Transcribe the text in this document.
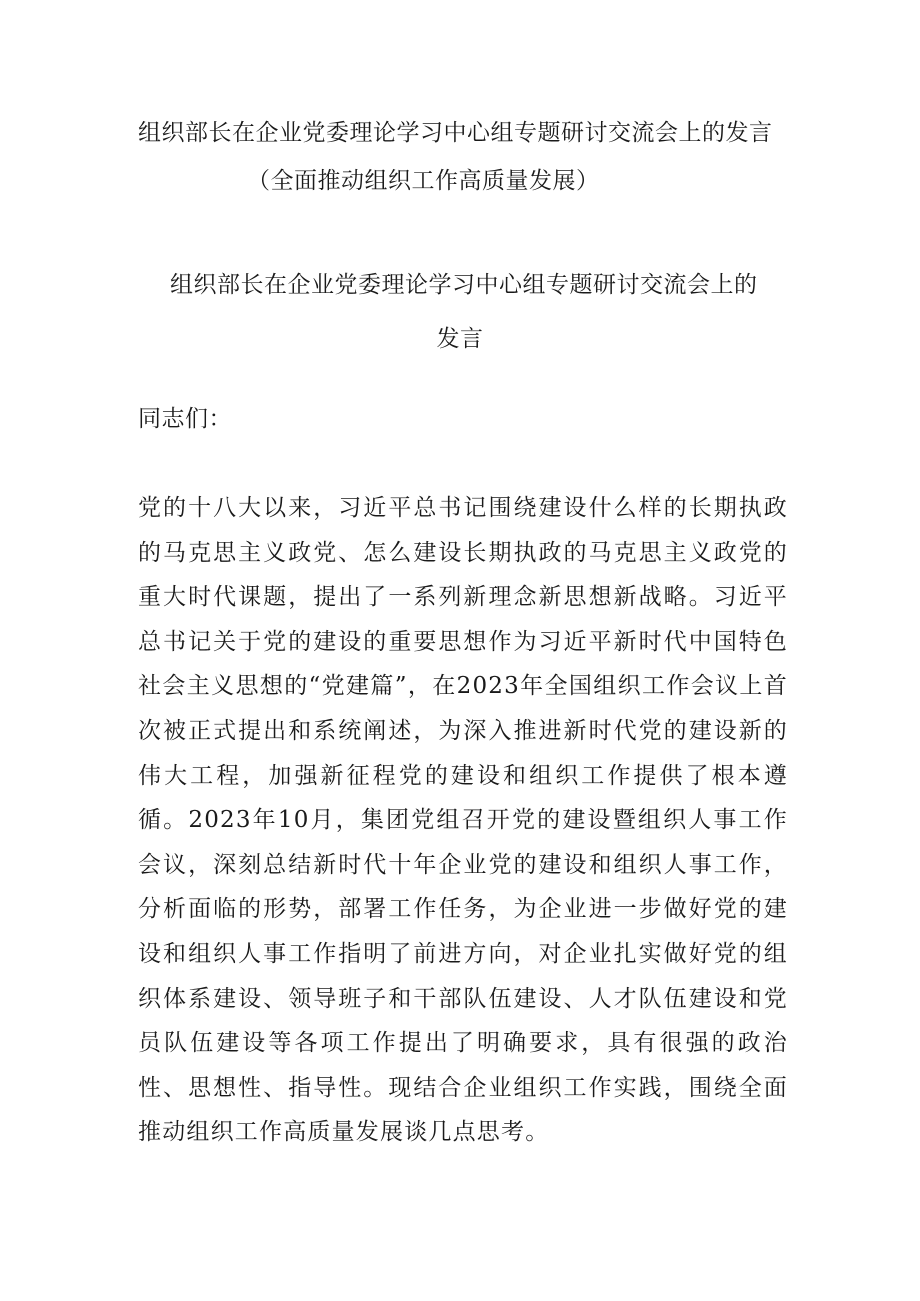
组织部长在企业党委理论学习中心组专题研讨交流会上的发言
（全面推动组织工作高质量发展）
组织部长在企业党委理论学习中心组专题研讨交流会上的
发言
同志们：
党的十八大以来，习近平总书记围绕建设什么样的长期执政的马克思主义政党、怎么建设长期执政的马克思主义政党的重大时代课题，提出了一系列新理念新思想新战略。习近平总书记关于党的建设的重要思想作为习近平新时代中国特色社会主义思想的“党建篇”，在2023年全国组织工作会议上首次被正式提出和系统阐述，为深入推进新时代党的建设新的伟大工程，加强新征程党的建设和组织工作提供了根本遵循。2023年10月，集团党组召开党的建设暨组织人事工作会议，深刻总结新时代十年企业党的建设和组织人事工作，分析面临的形势，部署工作任务，为企业进一步做好党的建设和组织人事工作指明了前进方向，对企业扎实做好党的组织体系建设、领导班子和干部队伍建设、人才队伍建设和党员队伍建设等各项工作提出了明确要求，具有很强的政治性、思想性、指导性。现结合企业组织工作实践，围绕全面推动组织工作高质量发展谈几点思考。
